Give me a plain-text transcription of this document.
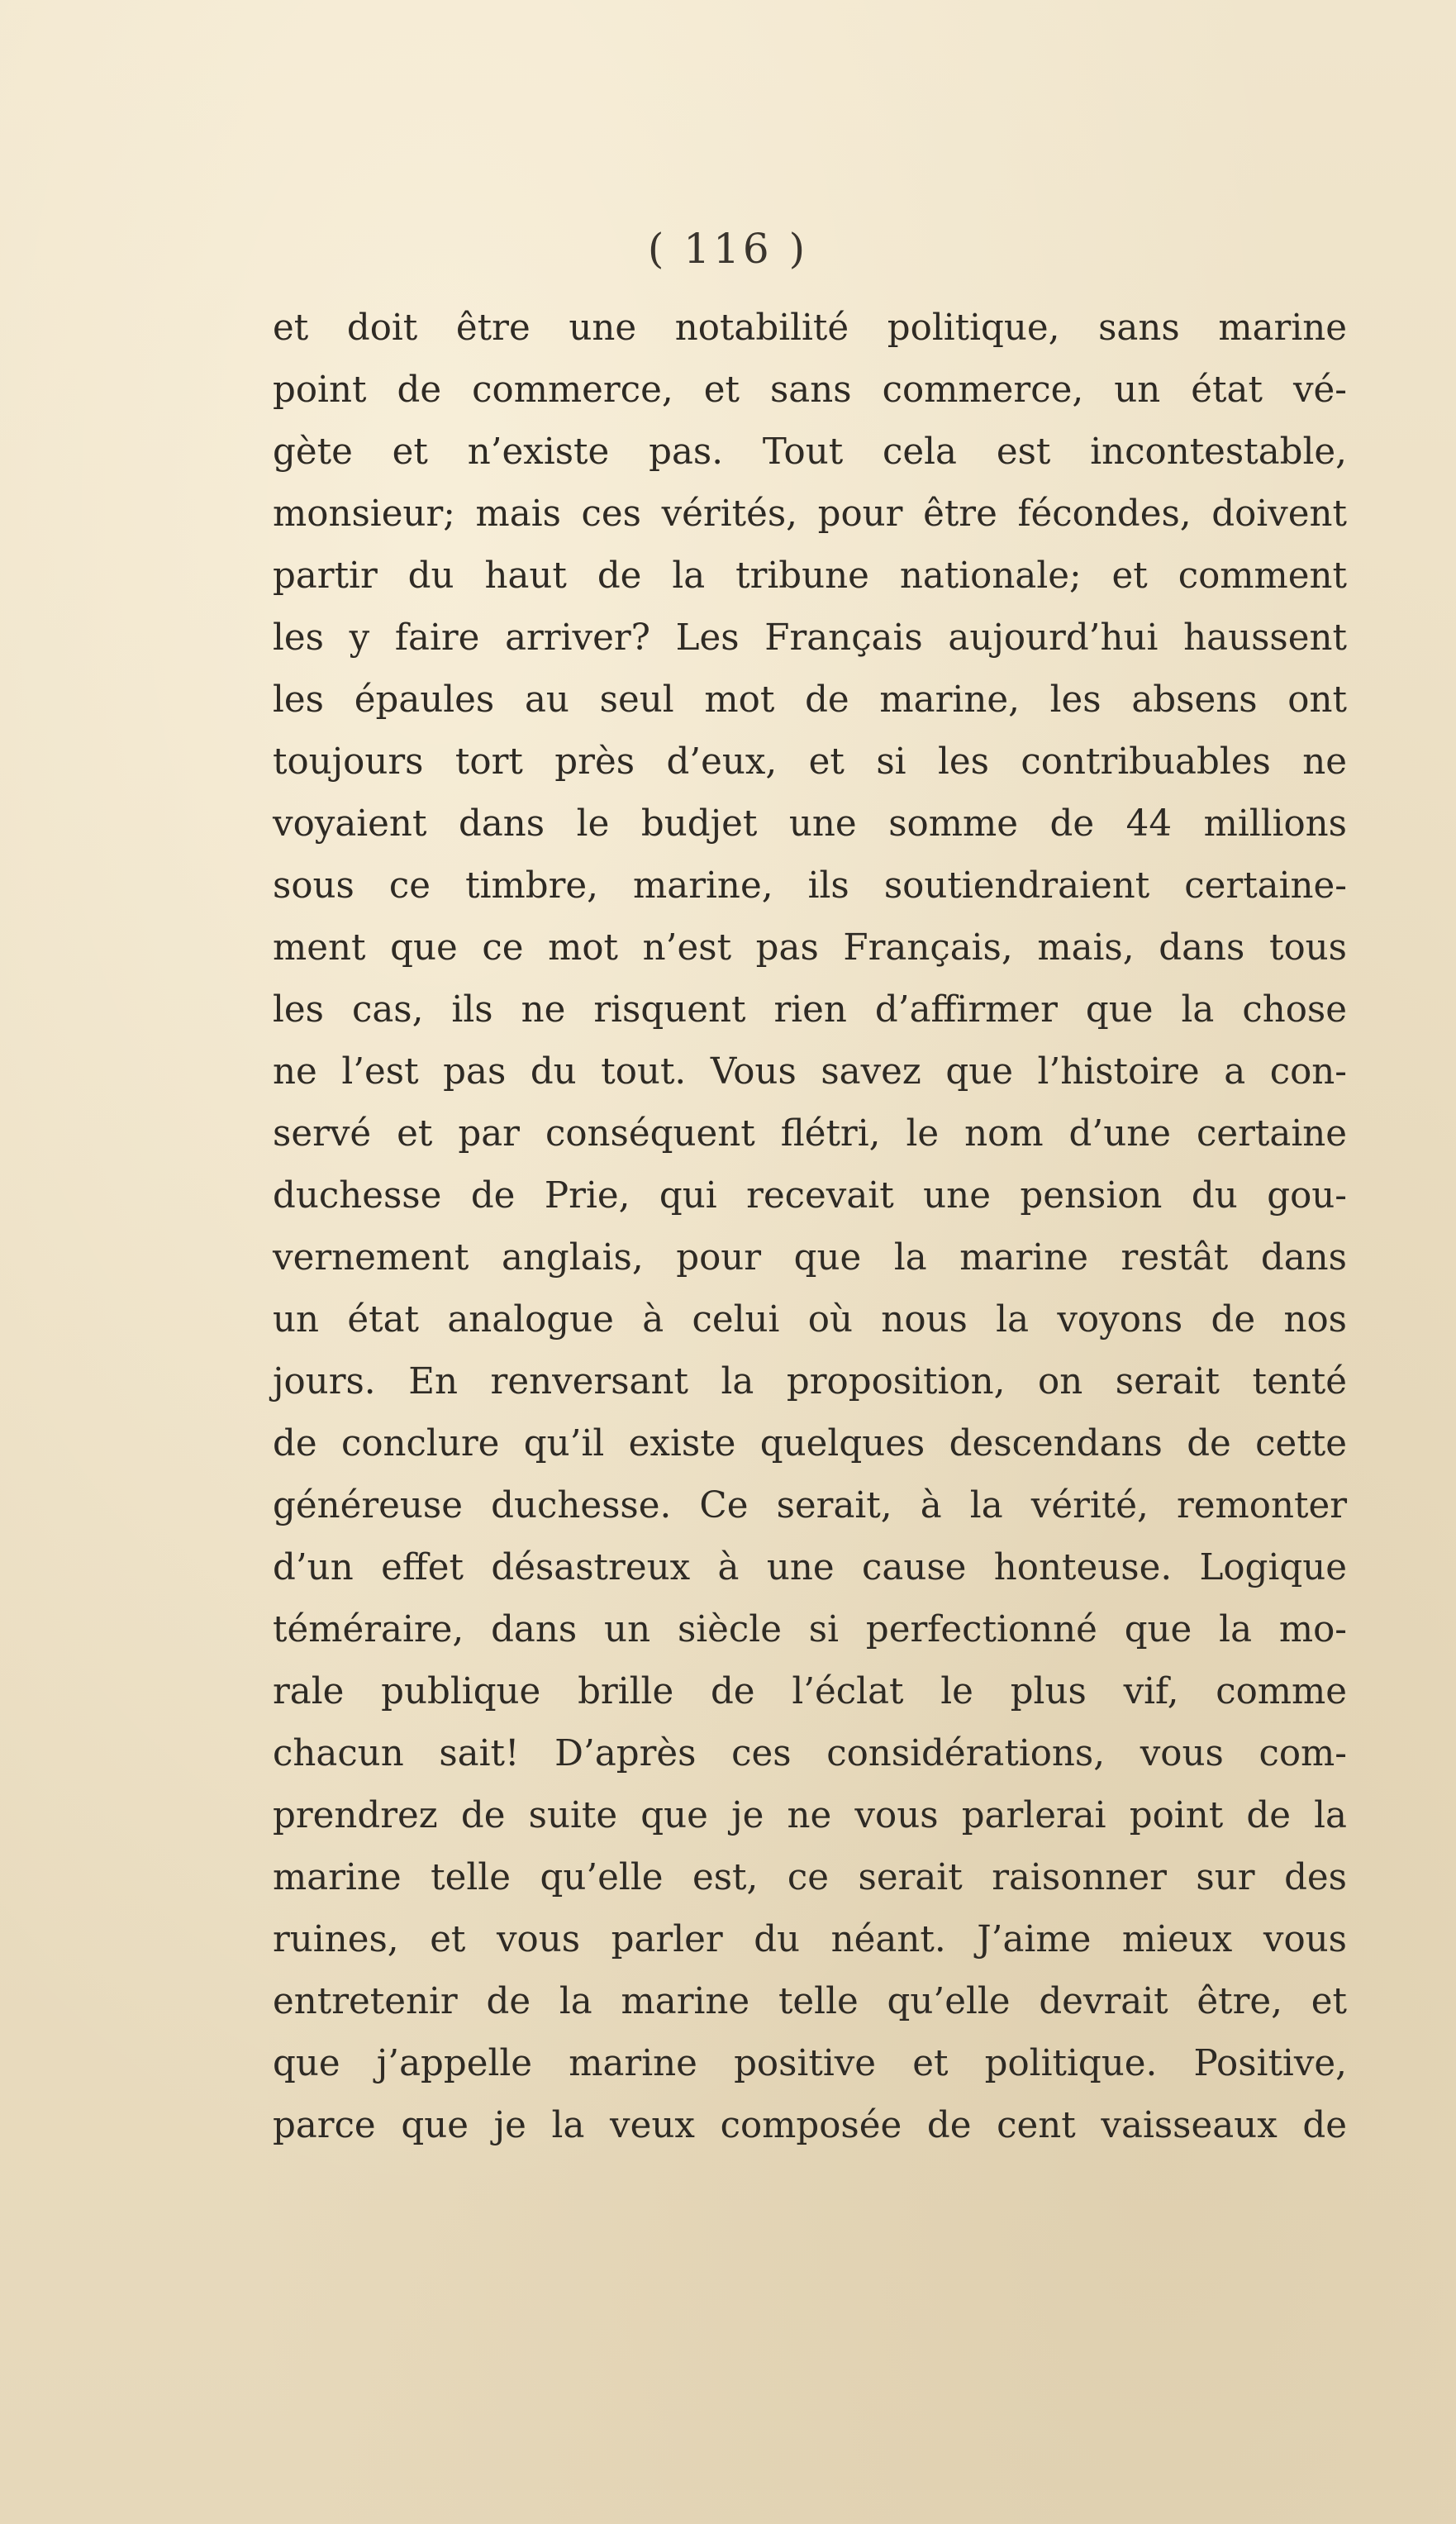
( 116 )
et doit être une notabilité politique, sans marine
point de commerce, et sans commerce, un état vé-
gète et n’existe pas. Tout cela est incontestable,
monsieur; mais ces vérités, pour être fécondes, doivent
partir du haut de la tribune nationale; et comment
les y faire arriver? Les Français aujourd’hui haussent
les épaules au seul mot de marine, les absens ont
toujours tort près d’eux, et si les contribuables ne
voyaient dans le budjet une somme de 44 millions
sous ce timbre, marine, ils soutiendraient certaine-
ment que ce mot n’est pas Français, mais, dans tous
les cas, ils ne risquent rien d’affirmer que la chose
ne l’est pas du tout. Vous savez que l’histoire a con-
servé et par conséquent flétri, le nom d’une certaine
duchesse de Prie, qui recevait une pension du gou-
vernement anglais, pour que la marine restât dans
un état analogue à celui où nous la voyons de nos
jours. En renversant la proposition, on serait tenté
de conclure qu’il existe quelques descendans de cette
généreuse duchesse. Ce serait, à la vérité, remonter
d’un effet désastreux à une cause honteuse. Logique
téméraire, dans un siècle si perfectionné que la mo-
rale publique brille de l’éclat le plus vif, comme
chacun sait! D’après ces considérations, vous com-
prendrez de suite que je ne vous parlerai point de la
marine telle qu’elle est, ce serait raisonner sur des
ruines, et vous parler du néant. J’aime mieux vous
entretenir de la marine telle qu’elle devrait être, et
que j’appelle marine positive et politique. Positive,
parce que je la veux composée de cent vaisseaux de
